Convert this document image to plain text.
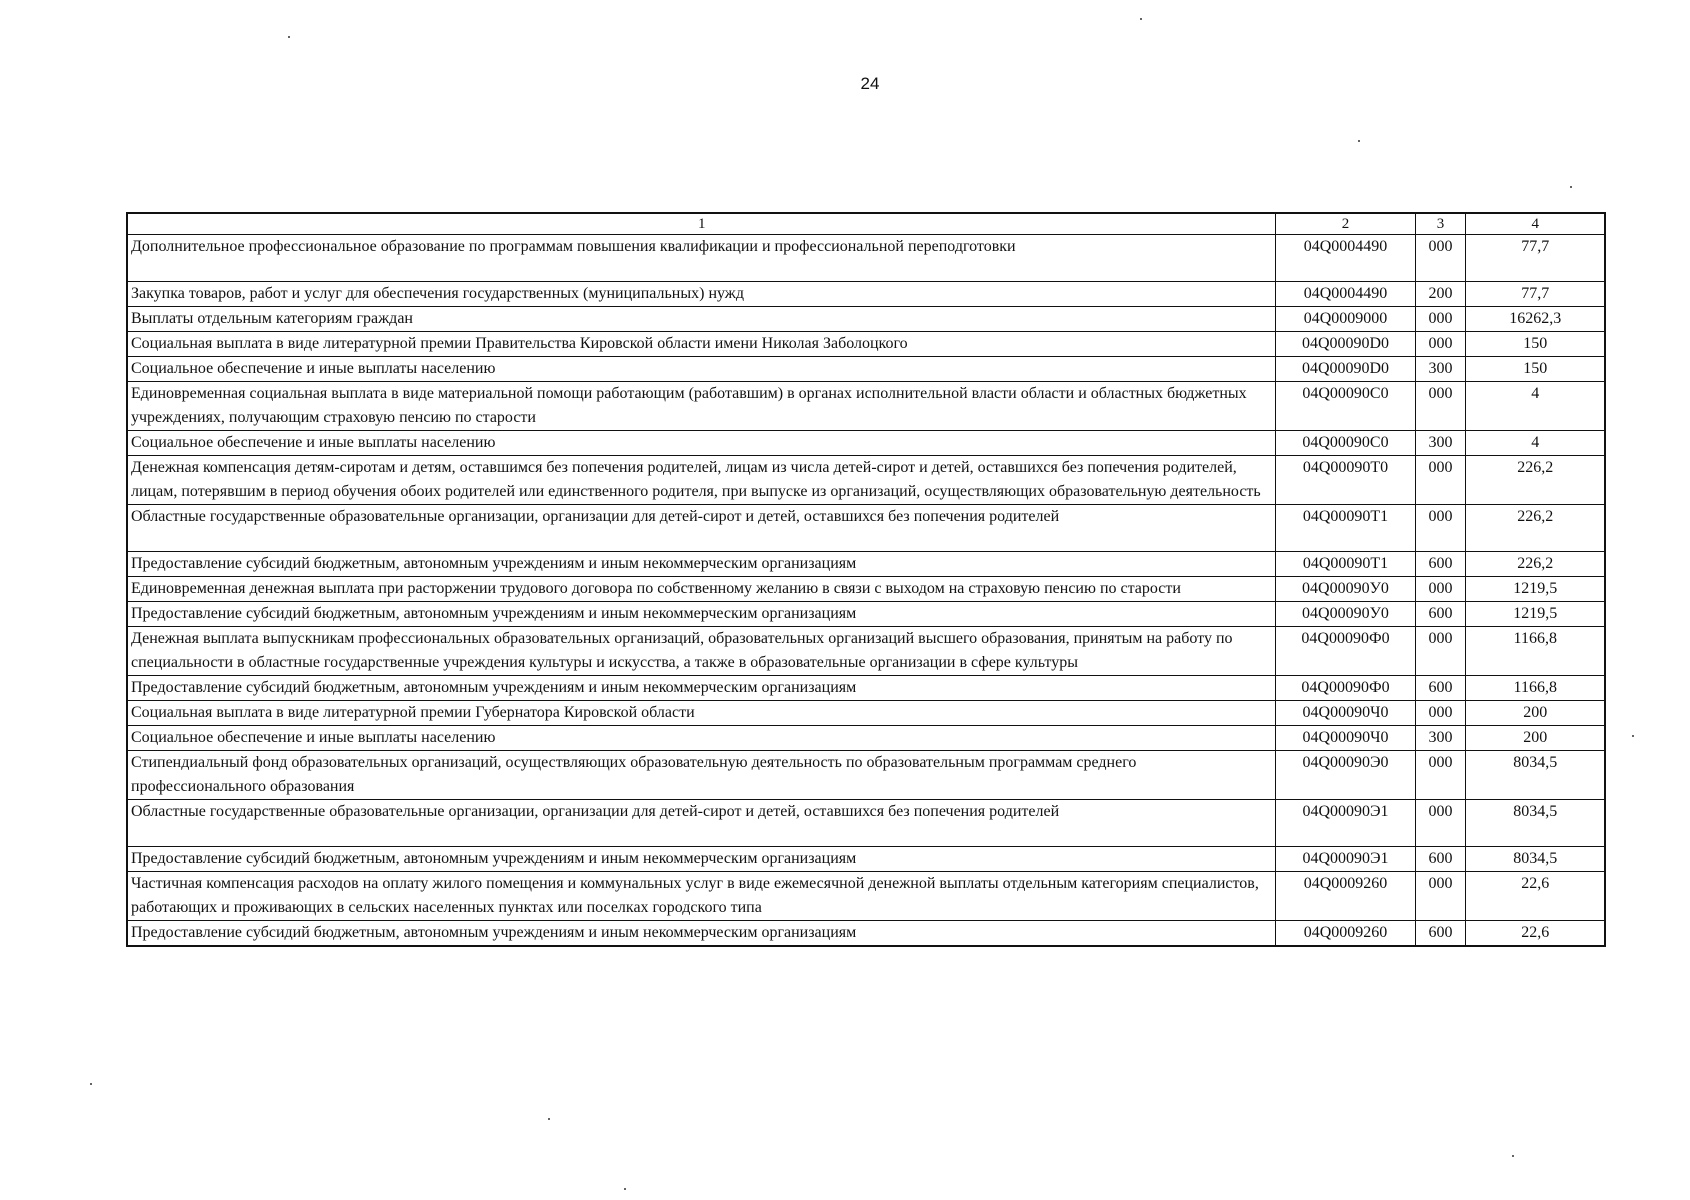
24
1	2	3	4
Дополнительное профессиональное образование по программам повышения квалификации и профессиональной переподготовки	04Q0004490	000	77,7
Закупка товаров, работ и услуг для обеспечения государственных (муниципальных) нужд	04Q0004490	200	77,7
Выплаты отдельным категориям граждан	04Q0009000	000	16262,3
Социальная выплата в виде литературной премии Правительства Кировской области имени Николая Заболоцкого	04Q00090D0	000	150
Социальное обеспечение и иные выплаты населению	04Q00090D0	300	150
Единовременная социальная выплата в виде материальной помощи работающим (работавшим) в органах исполнительной власти области и областных бюджетных учреждениях, получающим страховую пенсию по старости	04Q00090C0	000	4
Социальное обеспечение и иные выплаты населению	04Q00090C0	300	4
Денежная компенсация детям-сиротам и детям, оставшимся без попечения родителей, лицам из числа детей-сирот и детей, оставшихся без попечения родителей, лицам, потерявшим в период обучения обоих родителей или единственного родителя, при выпуске из организаций, осуществляющих образовательную деятельность	04Q00090T0	000	226,2
Областные государственные образовательные организации, организации для детей-сирот и детей, оставшихся без попечения родителей	04Q00090T1	000	226,2
Предоставление субсидий бюджетным, автономным учреждениям и иным некоммерческим организациям	04Q00090T1	600	226,2
Единовременная денежная выплата при расторжении трудового договора по собственному желанию в связи с выходом на страховую пенсию по старости	04Q00090У0	000	1219,5
Предоставление субсидий бюджетным, автономным учреждениям и иным некоммерческим организациям	04Q00090У0	600	1219,5
Денежная выплата выпускникам профессиональных образовательных организаций, образовательных организаций высшего образования, принятым на работу по специальности в областные государственные учреждения культуры и искусства, а также в образовательные организации в сфере культуры	04Q00090Ф0	000	1166,8
Предоставление субсидий бюджетным, автономным учреждениям и иным некоммерческим организациям	04Q00090Ф0	600	1166,8
Социальная выплата в виде литературной премии Губернатора Кировской области	04Q00090Ч0	000	200
Социальное обеспечение и иные выплаты населению	04Q00090Ч0	300	200
Стипендиальный фонд образовательных организаций, осуществляющих образовательную деятельность по образовательным программам среднего профессионального образования	04Q00090Э0	000	8034,5
Областные государственные образовательные организации, организации для детей-сирот и детей, оставшихся без попечения родителей	04Q00090Э1	000	8034,5
Предоставление субсидий бюджетным, автономным учреждениям и иным некоммерческим организациям	04Q00090Э1	600	8034,5
Частичная компенсация расходов на оплату жилого помещения и коммунальных услуг в виде ежемесячной денежной выплаты отдельным категориям специалистов, работающих и проживающих в сельских населенных пунктах или поселках городского типа	04Q0009260	000	22,6
Предоставление субсидий бюджетным, автономным учреждениям и иным некоммерческим организациям	04Q0009260	600	22,6
